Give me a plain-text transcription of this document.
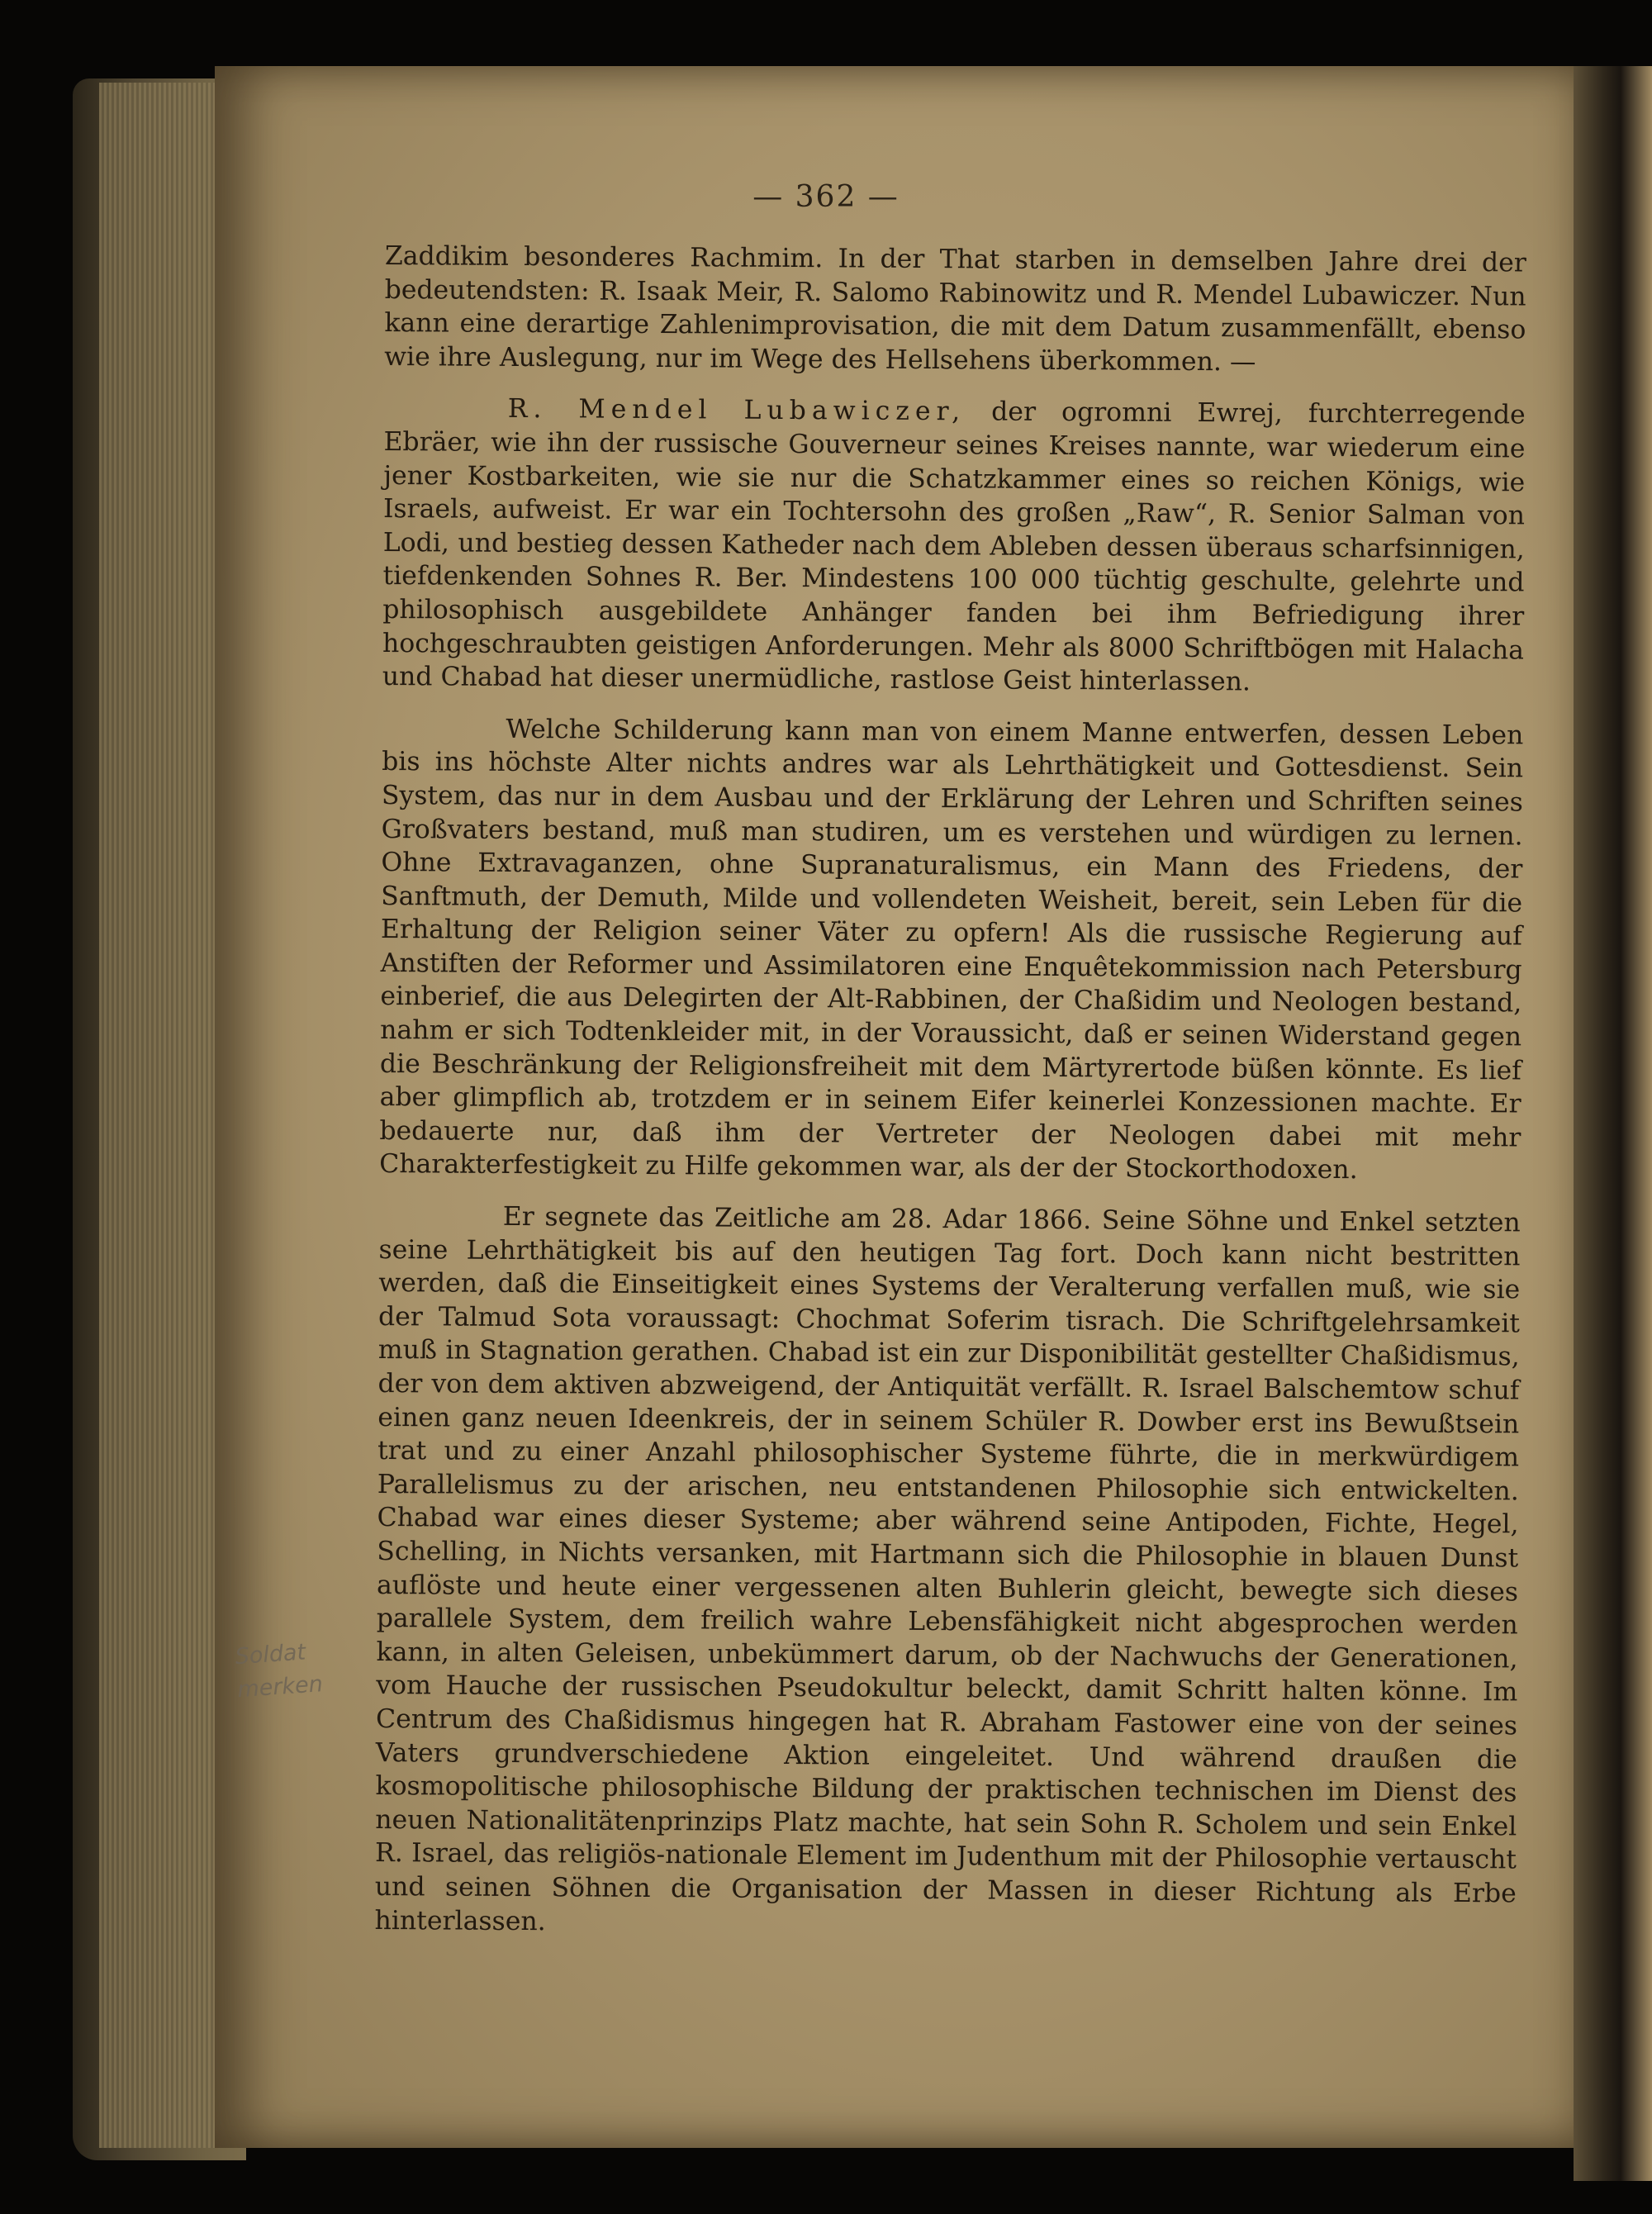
— 362 —

Zaddikim besonderes Rachmim. In der That starben in demselben Jahre drei der bedeutendsten: R. Isaak Meir, R. Salomo Rabinowitz und R. Mendel Lubawiczer. Nun kann eine derartige Zahlenimprovisation, die mit dem Datum zusammenfällt, ebenso wie ihre Auslegung, nur im Wege des Hellsehens überkommen. —

R. Mendel Lubawiczer, der ogromni Ewrej, furchterregende Ebräer, wie ihn der russische Gouverneur seines Kreises nannte, war wiederum eine jener Kostbarkeiten, wie sie nur die Schatzkammer eines so reichen Königs, wie Israels, aufweist. Er war ein Tochtersohn des großen „Raw“, R. Senior Salman von Lodi, und bestieg dessen Katheder nach dem Ableben dessen überaus scharfsinnigen, tiefdenkenden Sohnes R. Ber. Mindestens 100 000 tüchtig geschulte, gelehrte und philosophisch ausgebildete Anhänger fanden bei ihm Befriedigung ihrer hochgeschraubten geistigen Anforderungen. Mehr als 8000 Schriftbögen mit Halacha und Chabad hat dieser unermüdliche, rastlose Geist hinterlassen.

Welche Schilderung kann man von einem Manne entwerfen, dessen Leben bis ins höchste Alter nichts andres war als Lehrthätigkeit und Gottesdienst. Sein System, das nur in dem Ausbau und der Erklärung der Lehren und Schriften seines Großvaters bestand, muß man studiren, um es verstehen und würdigen zu lernen. Ohne Extravaganzen, ohne Supranaturalismus, ein Mann des Friedens, der Sanftmuth, der Demuth, Milde und vollendeten Weisheit, bereit, sein Leben für die Erhaltung der Religion seiner Väter zu opfern! Als die russische Regierung auf Anstiften der Reformer und Assimilatoren eine Enquêtekommission nach Petersburg einberief, die aus Delegirten der Alt-Rabbinen, der Chaßidim und Neologen bestand, nahm er sich Todtenkleider mit, in der Voraussicht, daß er seinen Widerstand gegen die Beschränkung der Religionsfreiheit mit dem Märtyrertode büßen könnte. Es lief aber glimpflich ab, trotzdem er in seinem Eifer keinerlei Konzessionen machte. Er bedauerte nur, daß ihm der Vertreter der Neologen dabei mit mehr Charakterfestigkeit zu Hilfe gekommen war, als der der Stockorthodoxen.

Er segnete das Zeitliche am 28. Adar 1866. Seine Söhne und Enkel setzten seine Lehrthätigkeit bis auf den heutigen Tag fort. Doch kann nicht bestritten werden, daß die Einseitigkeit eines Systems der Veralterung verfallen muß, wie sie der Talmud Sota voraussagt: Chochmat Soferim tisrach. Die Schriftgelehrsamkeit muß in Stagnation gerathen. Chabad ist ein zur Disponibilität gestellter Chaßidismus, der von dem aktiven abzweigend, der Antiquität verfällt. R. Israel Balschemtow schuf einen ganz neuen Ideenkreis, der in seinem Schüler R. Dowber erst ins Bewußtsein trat und zu einer Anzahl philosophischer Systeme führte, die in merkwürdigem Parallelismus zu der arischen, neu entstandenen Philosophie sich entwickelten. Chabad war eines dieser Systeme; aber während seine Antipoden, Fichte, Hegel, Schelling, in Nichts versanken, mit Hartmann sich die Philosophie in blauen Dunst auflöste und heute einer vergessenen alten Buhlerin gleicht, bewegte sich dieses parallele System, dem freilich wahre Lebensfähigkeit nicht abgesprochen werden kann, in alten Geleisen, unbekümmert darum, ob der Nachwuchs der Generationen, vom Hauche der russischen Pseudokultur beleckt, damit Schritt halten könne. Im Centrum des Chaßidismus hingegen hat R. Abraham Fastower eine von der seines Vaters grundverschiedene Aktion eingeleitet. Und während draußen die kosmopolitische philosophische Bildung der praktischen technischen im Dienst des neuen Nationalitätenprinzips Platz machte, hat sein Sohn R. Scholem und sein Enkel R. Israel, das religiös-nationale Element im Judenthum mit der Philosophie vertauscht und seinen Söhnen die Organisation der Massen in dieser Richtung als Erbe hinterlassen.

Soldat
merken
